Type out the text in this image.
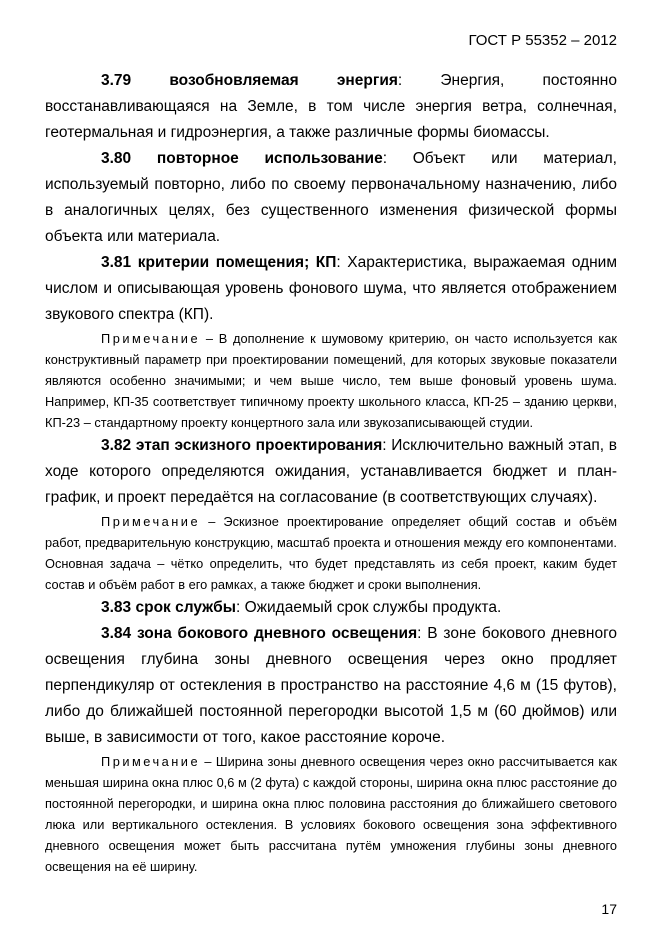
ГОСТ Р 55352 – 2012

3.79 возобновляемая энергия: Энергия, постоянно восстанавливающаяся на Земле, в том числе энергия ветра, солнечная, геотермальная и гидроэнергия, а также различные формы биомассы.

3.80 повторное использование: Объект или материал, используемый повторно, либо по своему первоначальному назначению, либо в аналогичных целях, без существенного изменения физической формы объекта или материала.

3.81 критерии помещения; КП: Характеристика, выражаемая одним числом и описывающая уровень фонового шума, что является отображением звукового спектра (КП).

Примечание – В дополнение к шумовому критерию, он часто используется как конструктивный параметр при проектировании помещений, для которых звуковые показатели являются особенно значимыми; и чем выше число, тем выше фоновый уровень шума. Например, КП-35 соответствует типичному проекту школьного класса, КП-25 – зданию церкви, КП-23 – стандартному проекту концертного зала или звукозаписывающей студии.

3.82 этап эскизного проектирования: Исключительно важный этап, в ходе которого определяются ожидания, устанавливается бюджет и план-график, и проект передаётся на согласование (в соответствующих случаях).

Примечание – Эскизное проектирование определяет общий состав и объём работ, предварительную конструкцию, масштаб проекта и отношения между его компонентами. Основная задача – чётко определить, что будет представлять из себя проект, каким будет состав и объём работ в его рамках, а также бюджет и сроки выполнения.

3.83 срок службы: Ожидаемый срок службы продукта.

3.84 зона бокового дневного освещения: В зоне бокового дневного освещения глубина зоны дневного освещения через окно продляет перпендикуляр от остекления в пространство на расстояние 4,6 м (15 футов), либо до ближайшей постоянной перегородки высотой 1,5 м (60 дюймов) или выше, в зависимости от того, какое расстояние короче.

Примечание – Ширина зоны дневного освещения через окно рассчитывается как меньшая ширина окна плюс 0,6 м (2 фута) с каждой стороны, ширина окна плюс расстояние до постоянной перегородки, и ширина окна плюс половина расстояния до ближайшего светового люка или вертикального остекления. В условиях бокового освещения зона эффективного дневного освещения может быть рассчитана путём умножения глубины зоны дневного освещения на её ширину.

17
